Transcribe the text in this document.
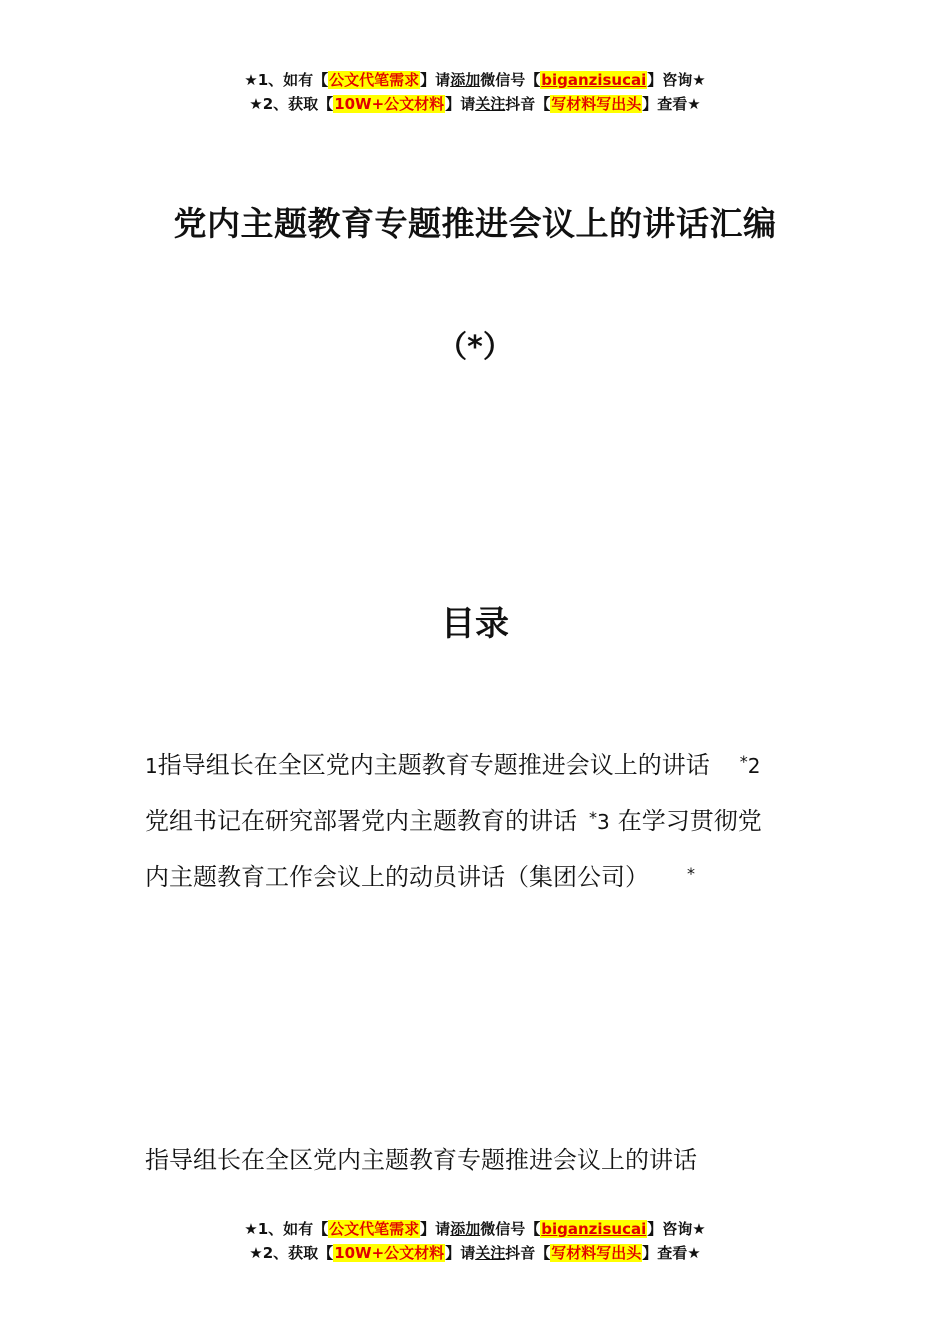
★1、如有【公文代笔需求】请添加微信号【biganzisucai】咨询★
★2、获取【10W+公文材料】请关注抖音【写材料写出头】查看★
党内主题教育专题推进会议上的讲话汇编
（*）
目录
1指导组长在全区党内主题教育专题推进会议上的讲话 *2
党组书记在研究部署党内主题教育的讲话 *3 在学习贯彻党
内主题教育工作会议上的动员讲话（集团公司） *
指导组长在全区党内主题教育专题推进会议上的讲话
★1、如有【公文代笔需求】请添加微信号【biganzisucai】咨询★
★2、获取【10W+公文材料】请关注抖音【写材料写出头】查看★
